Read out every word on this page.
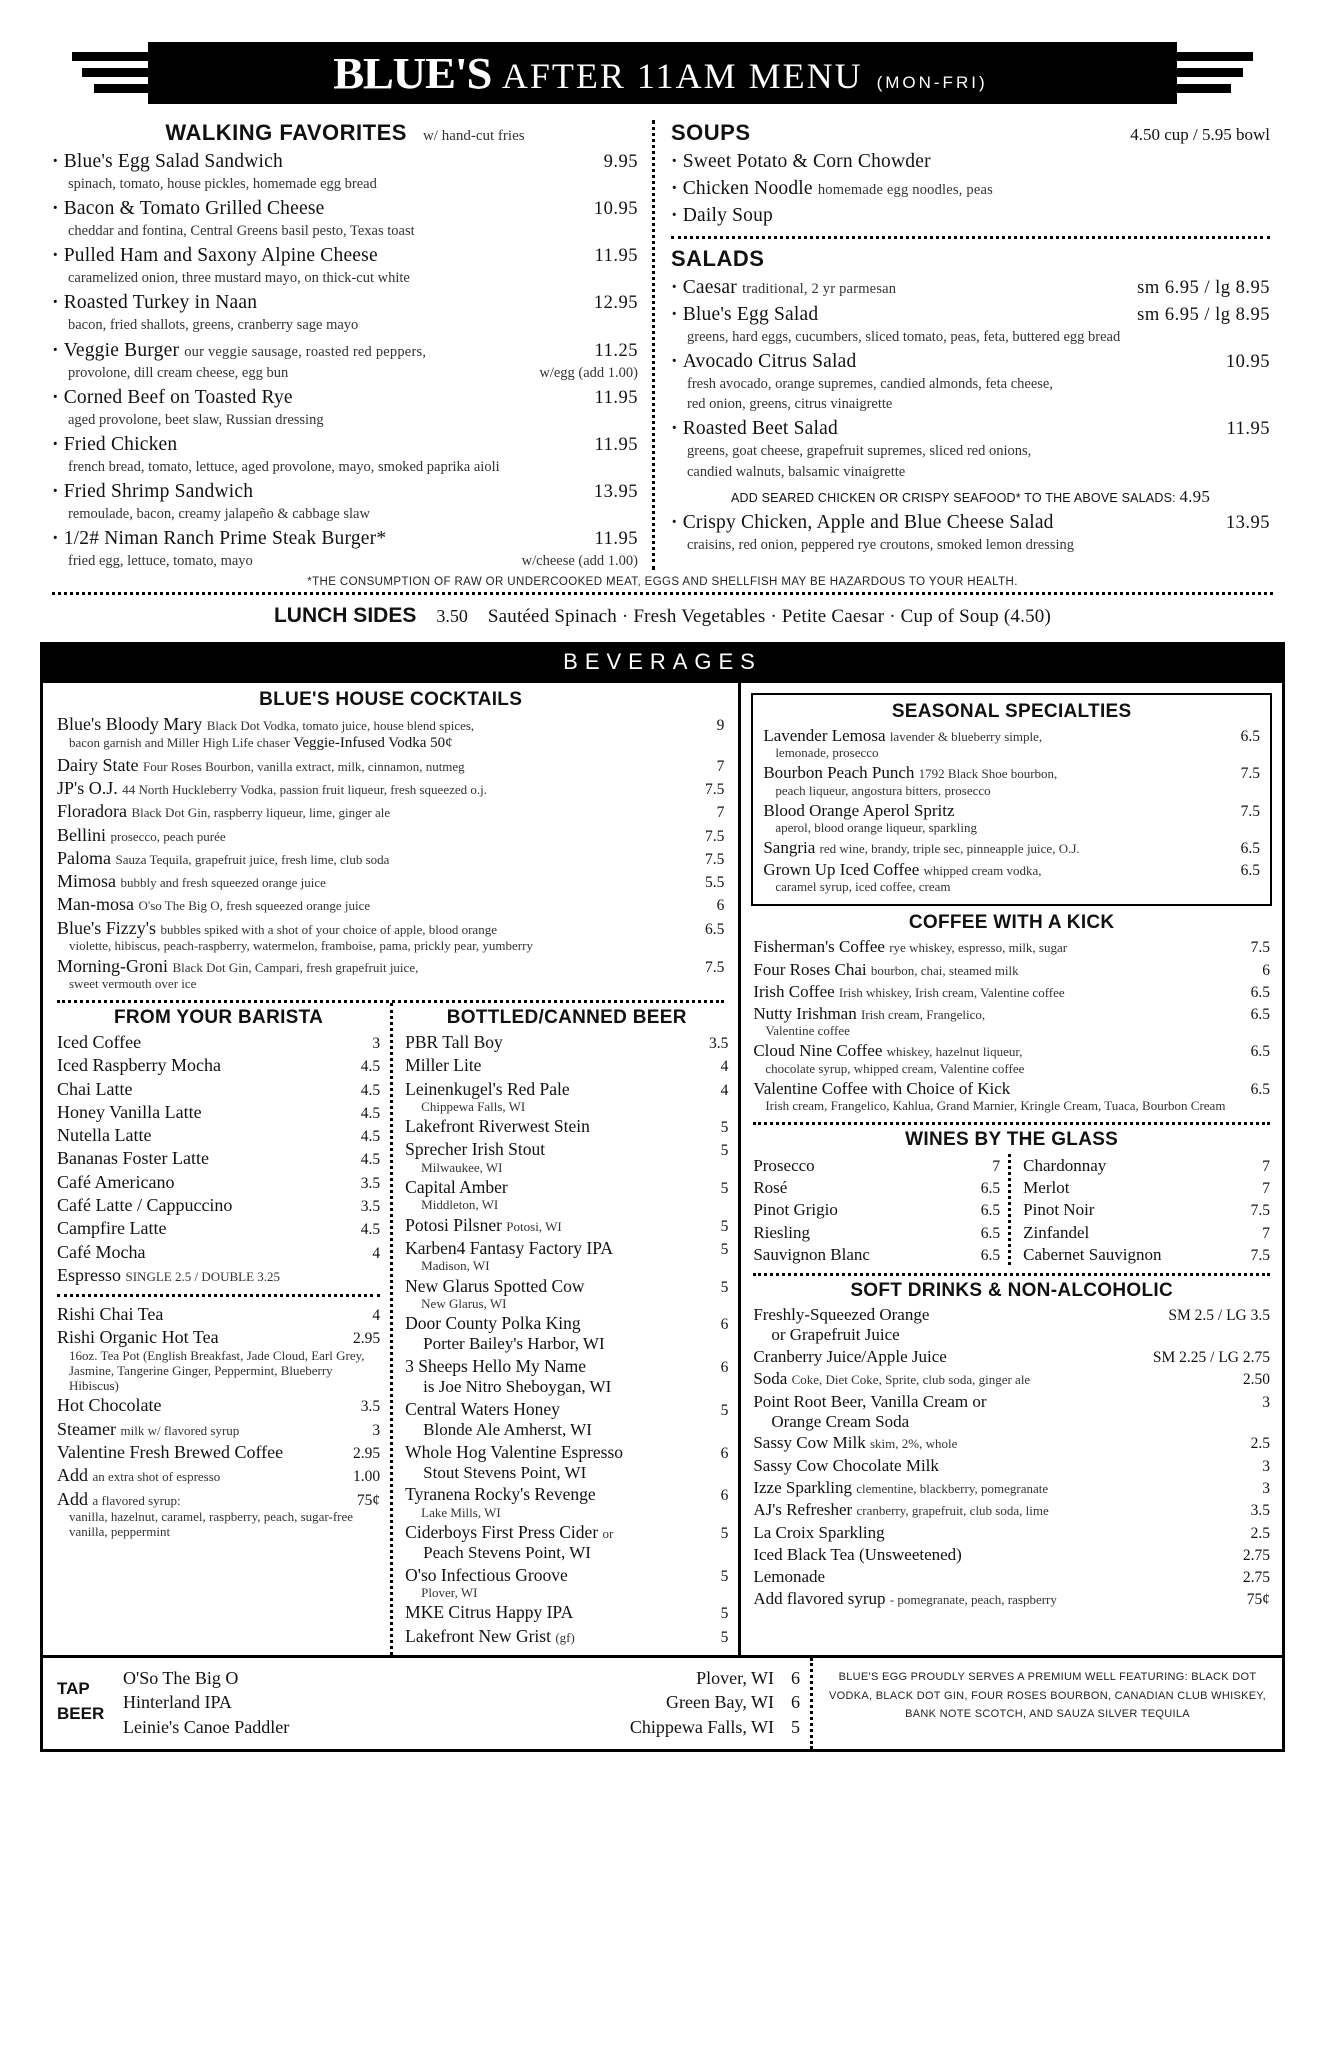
BLUE'S AFTER 11AM MENU (MON-FRI)
WALKING FAVORITES w/ hand-cut fries
· Blue's Egg Salad Sandwich	9.95
spinach, tomato, house pickles, homemade egg bread
· Bacon & Tomato Grilled Cheese	10.95
cheddar and fontina, Central Greens basil pesto, Texas toast
· Pulled Ham and Saxony Alpine Cheese	11.95
caramelized onion, three mustard mayo, on thick-cut white
· Roasted Turkey in Naan	12.95
bacon, fried shallots, greens, cranberry sage mayo
· Veggie Burger our veggie sausage, roasted red peppers,	11.25
provolone, dill cream cheese, egg bun	w/egg (add 1.00)
· Corned Beef on Toasted Rye	11.95
aged provolone, beet slaw, Russian dressing
· Fried Chicken	11.95
french bread, tomato, lettuce, aged provolone, mayo, smoked paprika aioli
· Fried Shrimp Sandwich	13.95
remoulade, bacon, creamy jalapeño & cabbage slaw
· 1/2# Niman Ranch Prime Steak Burger*	11.95
fried egg, lettuce, tomato, mayo	w/cheese (add 1.00)
SOUPS	4.50 cup / 5.95 bowl
· Sweet Potato & Corn Chowder
· Chicken Noodle homemade egg noodles, peas
· Daily Soup
SALADS
· Caesar traditional, 2 yr parmesan	sm 6.95 / lg 8.95
· Blue's Egg Salad	sm 6.95 / lg 8.95
greens, hard eggs, cucumbers, sliced tomato, peas, feta, buttered egg bread
· Avocado Citrus Salad	10.95
fresh avocado, orange supremes, candied almonds, feta cheese,
red onion, greens, citrus vinaigrette
· Roasted Beet Salad	11.95
greens, goat cheese, grapefruit supremes, sliced red onions,
candied walnuts, balsamic vinaigrette
ADD SEARED CHICKEN OR CRISPY SEAFOOD* TO THE ABOVE SALADS: 4.95
· Crispy Chicken, Apple and Blue Cheese Salad	13.95
craisins, red onion, peppered rye croutons, smoked lemon dressing
*THE CONSUMPTION OF RAW OR UNDERCOOKED MEAT, EGGS AND SHELLFISH MAY BE HAZARDOUS TO YOUR HEALTH.
LUNCH SIDES 3.50 Sautéed Spinach · Fresh Vegetables · Petite Caesar · Cup of Soup (4.50)
BEVERAGES
BLUE'S HOUSE COCKTAILS
Blue's Bloody Mary Black Dot Vodka, tomato juice, house blend spices,	9
bacon garnish and Miller High Life chaser Veggie-Infused Vodka 50¢
Dairy State Four Roses Bourbon, vanilla extract, milk, cinnamon, nutmeg	7
JP's O.J. 44 North Huckleberry Vodka, passion fruit liqueur, fresh squeezed o.j.	7.5
Floradora Black Dot Gin, raspberry liqueur, lime, ginger ale	7
Bellini prosecco, peach purée	7.5
Paloma Sauza Tequila, grapefruit juice, fresh lime, club soda	7.5
Mimosa bubbly and fresh squeezed orange juice	5.5
Man-mosa O'so The Big O, fresh squeezed orange juice	6
Blue's Fizzy's bubbles spiked with a shot of your choice of apple, blood orange	6.5
violette, hibiscus, peach-raspberry, watermelon, framboise, pama, prickly pear, yumberry
Morning-Groni Black Dot Gin, Campari, fresh grapefruit juice,	7.5
sweet vermouth over ice
FROM YOUR BARISTA
Iced Coffee	3
Iced Raspberry Mocha	4.5
Chai Latte	4.5
Honey Vanilla Latte	4.5
Nutella Latte	4.5
Bananas Foster Latte	4.5
Café Americano	3.5
Café Latte / Cappuccino	3.5
Campfire Latte	4.5
Café Mocha	4
Espresso SINGLE 2.5 / DOUBLE 3.25
Rishi Chai Tea	4
Rishi Organic Hot Tea	2.95
16oz. Tea Pot (English Breakfast, Jade Cloud, Earl Grey, Jasmine, Tangerine Ginger, Peppermint, Blueberry Hibiscus)
Hot Chocolate	3.5
Steamer milk w/ flavored syrup	3
Valentine Fresh Brewed Coffee	2.95
Add an extra shot of espresso	1.00
Add a flavored syrup:	75¢
vanilla, hazelnut, caramel, raspberry, peach, sugar-free vanilla, peppermint
BOTTLED/CANNED BEER
PBR Tall Boy	3.5
Miller Lite	4
Leinenkugel's Red Pale	4
Chippewa Falls, WI
Lakefront Riverwest Stein	5
Sprecher Irish Stout	5
Milwaukee, WI
Capital Amber	5
Middleton, WI
Potosi Pilsner Potosi, WI	5
Karben4 Fantasy Factory IPA	5
Madison, WI
New Glarus Spotted Cow	5
New Glarus, WI
Door County Polka King	6
Porter Bailey's Harbor, WI
3 Sheeps Hello My Name	6
is Joe Nitro Sheboygan, WI
Central Waters Honey	5
Blonde Ale Amherst, WI
Whole Hog Valentine Espresso	6
Stout Stevens Point, WI
Tyranena Rocky's Revenge	6
Lake Mills, WI
Ciderboys First Press Cider or	5
Peach Stevens Point, WI
O'so Infectious Groove	5
Plover, WI
MKE Citrus Happy IPA	5
Lakefront New Grist (gf)	5
SEASONAL SPECIALTIES
Lavender Lemosa lavender & blueberry simple,	6.5
lemonade, prosecco
Bourbon Peach Punch 1792 Black Shoe bourbon,	7.5
peach liqueur, angostura bitters, prosecco
Blood Orange Aperol Spritz	7.5
aperol, blood orange liqueur, sparkling
Sangria red wine, brandy, triple sec, pinneapple juice, O.J.	6.5
Grown Up Iced Coffee whipped cream vodka,	6.5
caramel syrup, iced coffee, cream
COFFEE WITH A KICK
Fisherman's Coffee rye whiskey, espresso, milk, sugar	7.5
Four Roses Chai bourbon, chai, steamed milk	6
Irish Coffee Irish whiskey, Irish cream, Valentine coffee	6.5
Nutty Irishman Irish cream, Frangelico,	6.5
Valentine coffee
Cloud Nine Coffee whiskey, hazelnut liqueur,	6.5
chocolate syrup, whipped cream, Valentine coffee
Valentine Coffee with Choice of Kick	6.5
Irish cream, Frangelico, Kahlua, Grand Marnier, Kringle Cream, Tuaca, Bourbon Cream
WINES BY THE GLASS
Prosecco	7
Rosé	6.5
Pinot Grigio	6.5
Riesling	6.5
Sauvignon Blanc	6.5
Chardonnay	7
Merlot	7
Pinot Noir	7.5
Zinfandel	7
Cabernet Sauvignon	7.5
SOFT DRINKS & NON-ALCOHOLIC
Freshly-Squeezed Orange	SM 2.5 / LG 3.5
or Grapefruit Juice
Cranberry Juice/Apple Juice	SM 2.25 / LG 2.75
Soda Coke, Diet Coke, Sprite, club soda, ginger ale	2.50
Point Root Beer, Vanilla Cream or	3
Orange Cream Soda
Sassy Cow Milk skim, 2%, whole	2.5
Sassy Cow Chocolate Milk	3
Izze Sparkling clementine, blackberry, pomegranate	3
AJ's Refresher cranberry, grapefruit, club soda, lime	3.5
La Croix Sparkling	2.5
Iced Black Tea (Unsweetened)	2.75
Lemonade	2.75
Add flavored syrup - pomegranate, peach, raspberry	75¢
TAP
BEER
O'So The Big O	Plover, WI 6
Hinterland IPA	Green Bay, WI 6
Leinie's Canoe Paddler	Chippewa Falls, WI 5
BLUE'S EGG PROUDLY SERVES A PREMIUM WELL FEATURING: BLACK DOT
VODKA, BLACK DOT GIN, FOUR ROSES BOURBON, CANADIAN CLUB WHISKEY,
BANK NOTE SCOTCH, AND SAUZA SILVER TEQUILA
